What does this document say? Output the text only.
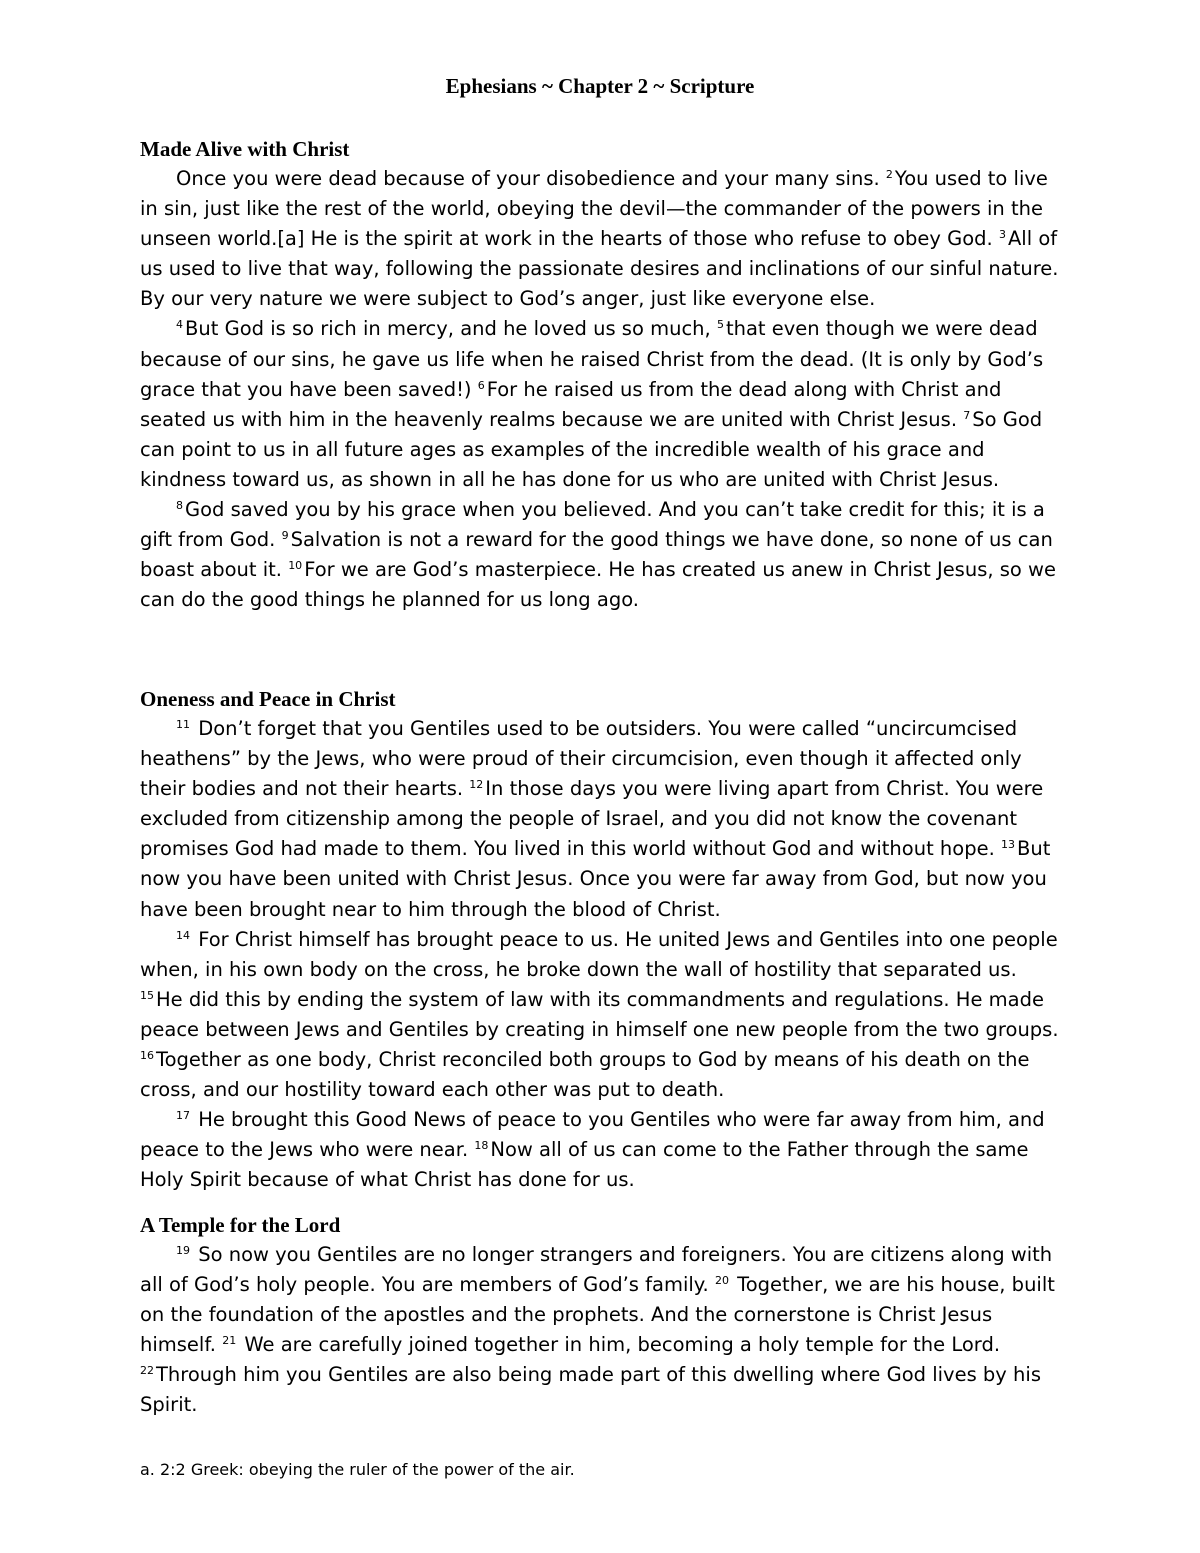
Ephesians ~ Chapter 2 ~ Scripture
Made Alive with Christ

Once you were dead because of your disobedience and your many sins. $^2$ You used to live in sin, just like the rest of the world, obeying the devil—the commander of the powers in the unseen world.[a] He is the spirit at work in the hearts of those who refuse to obey God. $^3$ All of us used to live that way, following the passionate desires and inclinations of our sinful nature. By our very nature we were subject to God’s anger, just like everyone else.

$^4$ But God is so rich in mercy, and he loved us so much, $^5$ that even though we were dead because of our sins, he gave us life when he raised Christ from the dead. (It is only by God’s grace that you have been saved!) $^6$ For he raised us from the dead along with Christ and seated us with him in the heavenly realms because we are united with Christ Jesus. $^7$ So God can point to us in all future ages as examples of the incredible wealth of his grace and kindness toward us, as shown in all he has done for us who are united with Christ Jesus.

$^8$ God saved you by his grace when you believed. And you can’t take credit for this; it is a gift from God. $^9$ Salvation is not a reward for the good things we have done, so none of us can boast about it. $^{10}$ For we are God’s masterpiece. He has created us anew in Christ Jesus, so we can do the good things he planned for us long ago.

Oneness and Peace in Christ

$^{11}$ Don’t forget that you Gentiles used to be outsiders. You were called “uncircumcised heathens” by the Jews, who were proud of their circumcision, even though it affected only their bodies and not their hearts. $^{12}$ In those days you were living apart from Christ. You were excluded from citizenship among the people of Israel, and you did not know the covenant promises God had made to them. You lived in this world without God and without hope. $^{13}$ But now you have been united with Christ Jesus. Once you were far away from God, but now you have been brought near to him through the blood of Christ.

$^{14}$ For Christ himself has brought peace to us. He united Jews and Gentiles into one people when, in his own body on the cross, he broke down the wall of hostility that separated us. $^{15}$ He did this by ending the system of law with its commandments and regulations. He made peace between Jews and Gentiles by creating in himself one new people from the two groups. $^{16}$ Together as one body, Christ reconciled both groups to God by means of his death on the cross, and our hostility toward each other was put to death.

$^{17}$ He brought this Good News of peace to you Gentiles who were far away from him, and peace to the Jews who were near. $^{18}$ Now all of us can come to the Father through the same Holy Spirit because of what Christ has done for us.

A Temple for the Lord

$^{19}$ So now you Gentiles are no longer strangers and foreigners. You are citizens along with all of God’s holy people. You are members of God’s family. $^{20}$ Together, we are his house, built on the foundation of the apostles and the prophets. And the cornerstone is Christ Jesus himself. $^{21}$ We are carefully joined together in him, becoming a holy temple for the Lord. $^{22}$ Through him you Gentiles are also being made part of this dwelling where God lives by his Spirit.

a. 2:2 Greek: obeying the ruler of the power of the air.
